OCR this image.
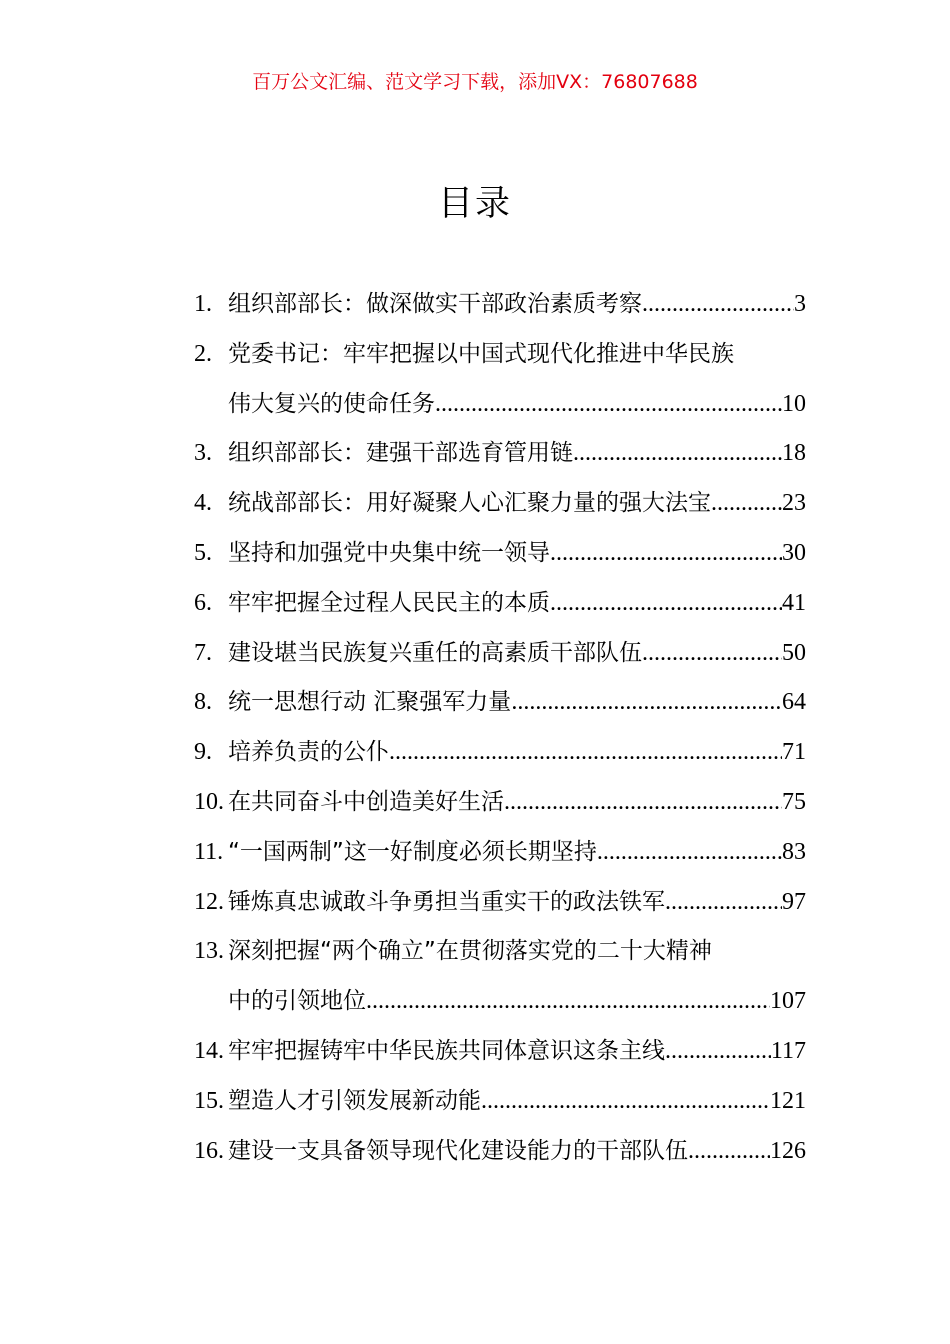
百万公文汇编、范文学习下载，添加VX：76807688
目录
1. 组织部部长：做深做实干部政治素质考察 .....	3
2. 党委书记：牢牢把握以中国式现代化推进中华民族
伟大复兴的使命任务 .....	10
3. 组织部部长：建强干部选育管用链 .....	18
4. 统战部部长：用好凝聚人心汇聚力量的强大法宝 .....	23
5. 坚持和加强党中央集中统一领导 .....	30
6. 牢牢把握全过程人民民主的本质 .....	41
7. 建设堪当民族复兴重任的高素质干部队伍 .....	50
8. 统一思想行动 汇聚强军力量 .....	64
9. 培养负责的公仆 .....	71
10. 在共同奋斗中创造美好生活 .....	75
11. “一国两制”这一好制度必须长期坚持 .....	83
12. 锤炼真忠诚敢斗争勇担当重实干的政法铁军 .....	97
13. 深刻把握“两个确立”在贯彻落实党的二十大精神
中的引领地位 .....	107
14. 牢牢把握铸牢中华民族共同体意识这条主线 .....	117
15. 塑造人才引领发展新动能 .....	121
16. 建设一支具备领导现代化建设能力的干部队伍 .....	126
